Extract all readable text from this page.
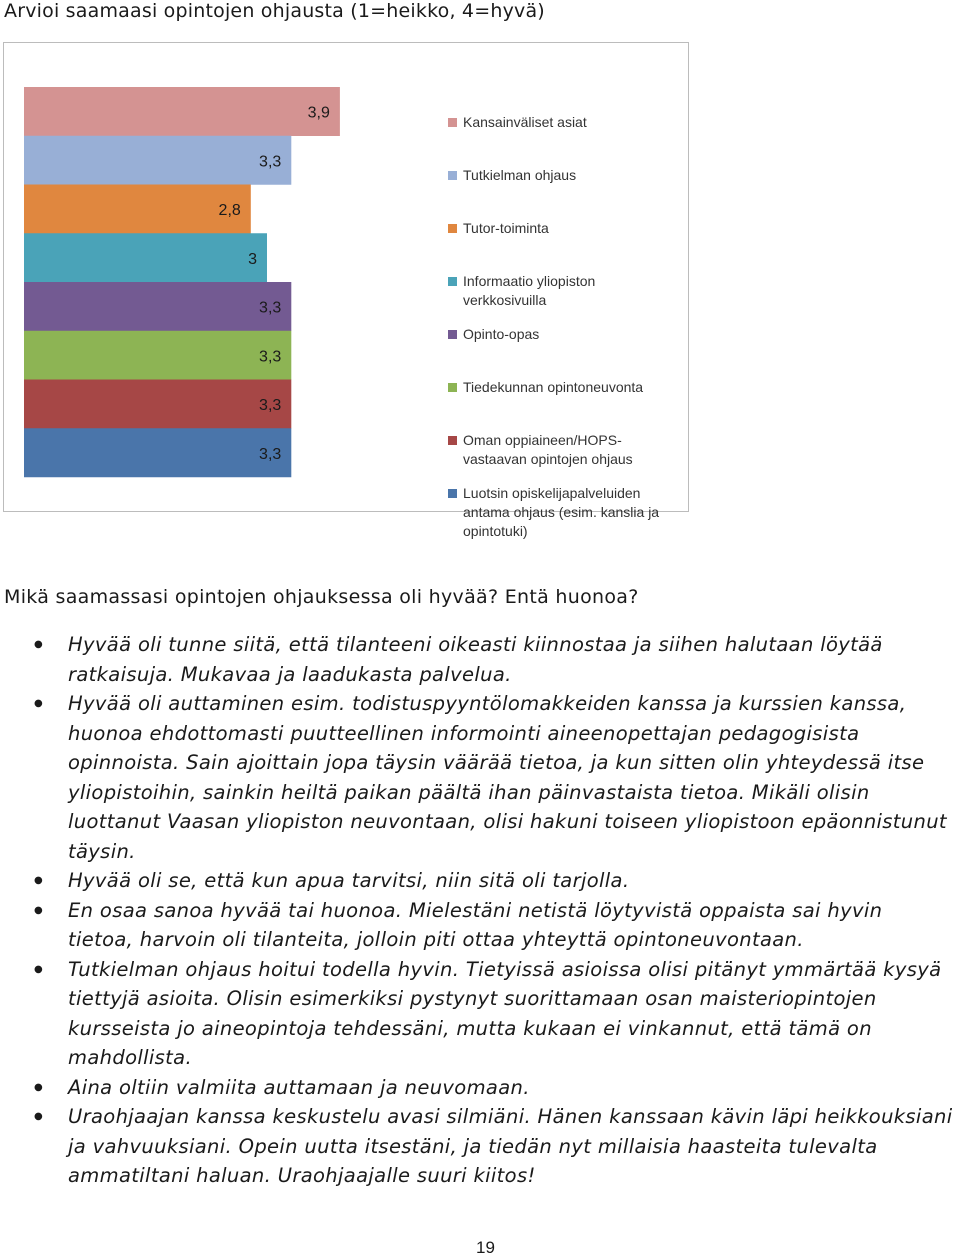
Arvioi saamaasi opintojen ohjausta (1=heikko, 4=hyvä)
3,9
3,3
2,8
3
3,3
3,3
3,3
3,3
Kansainväliset asiat
Tutkielman ohjaus
Tutor-toiminta
Informaatio yliopiston
verkkosivuilla
Opinto-opas
Tiedekunnan opintoneuvonta
Oman oppiaineen/HOPS-
vastaavan opintojen ohjaus
Luotsin opiskelijapalveluiden
antama ohjaus (esim. kanslia ja
opintotuki)
Mikä saamassasi opintojen ohjauksessa oli hyvää? Entä huonoa?
● Hyvää oli tunne siitä, että tilanteeni oikeasti kiinnostaa ja siihen halutaan löytää ratkaisuja. Mukavaa ja laadukasta palvelua.
● Hyvää oli auttaminen esim. todistuspyyntölomakkeiden kanssa ja kurssien kanssa, huonoa ehdottomasti puutteellinen informointi aineenopettajan pedagogisista opinnoista. Sain ajoittain jopa täysin väärää tietoa, ja kun sitten olin yhteydessä itse yliopistoihin, sainkin heiltä paikan päältä ihan päinvastaista tietoa. Mikäli olisin luottanut Vaasan yliopiston neuvontaan, olisi hakuni toiseen yliopistoon epäonnistunut täysin.
● Hyvää oli se, että kun apua tarvitsi, niin sitä oli tarjolla.
● En osaa sanoa hyvää tai huonoa. Mielestäni netistä löytyvistä oppaista sai hyvin tietoa, harvoin oli tilanteita, jolloin piti ottaa yhteyttä opintoneuvontaan.
● Tutkielman ohjaus hoitui todella hyvin. Tietyissä asioissa olisi pitänyt ymmärtää kysyä tiettyjä asioita. Olisin esimerkiksi pystynyt suorittamaan osan maisteriopintojen kursseista jo aineopintoja tehdessäni, mutta kukaan ei vinkannut, että tämä on mahdollista.
● Aina oltiin valmiita auttamaan ja neuvomaan.
● Uraohjaajan kanssa keskustelu avasi silmiäni. Hänen kanssaan kävin läpi heikkouksiani ja vahvuuksiani. Opein uutta itsestäni, ja tiedän nyt millaisia haasteita tulevalta ammatiltani haluan. Uraohjaajalle suuri kiitos!
19
